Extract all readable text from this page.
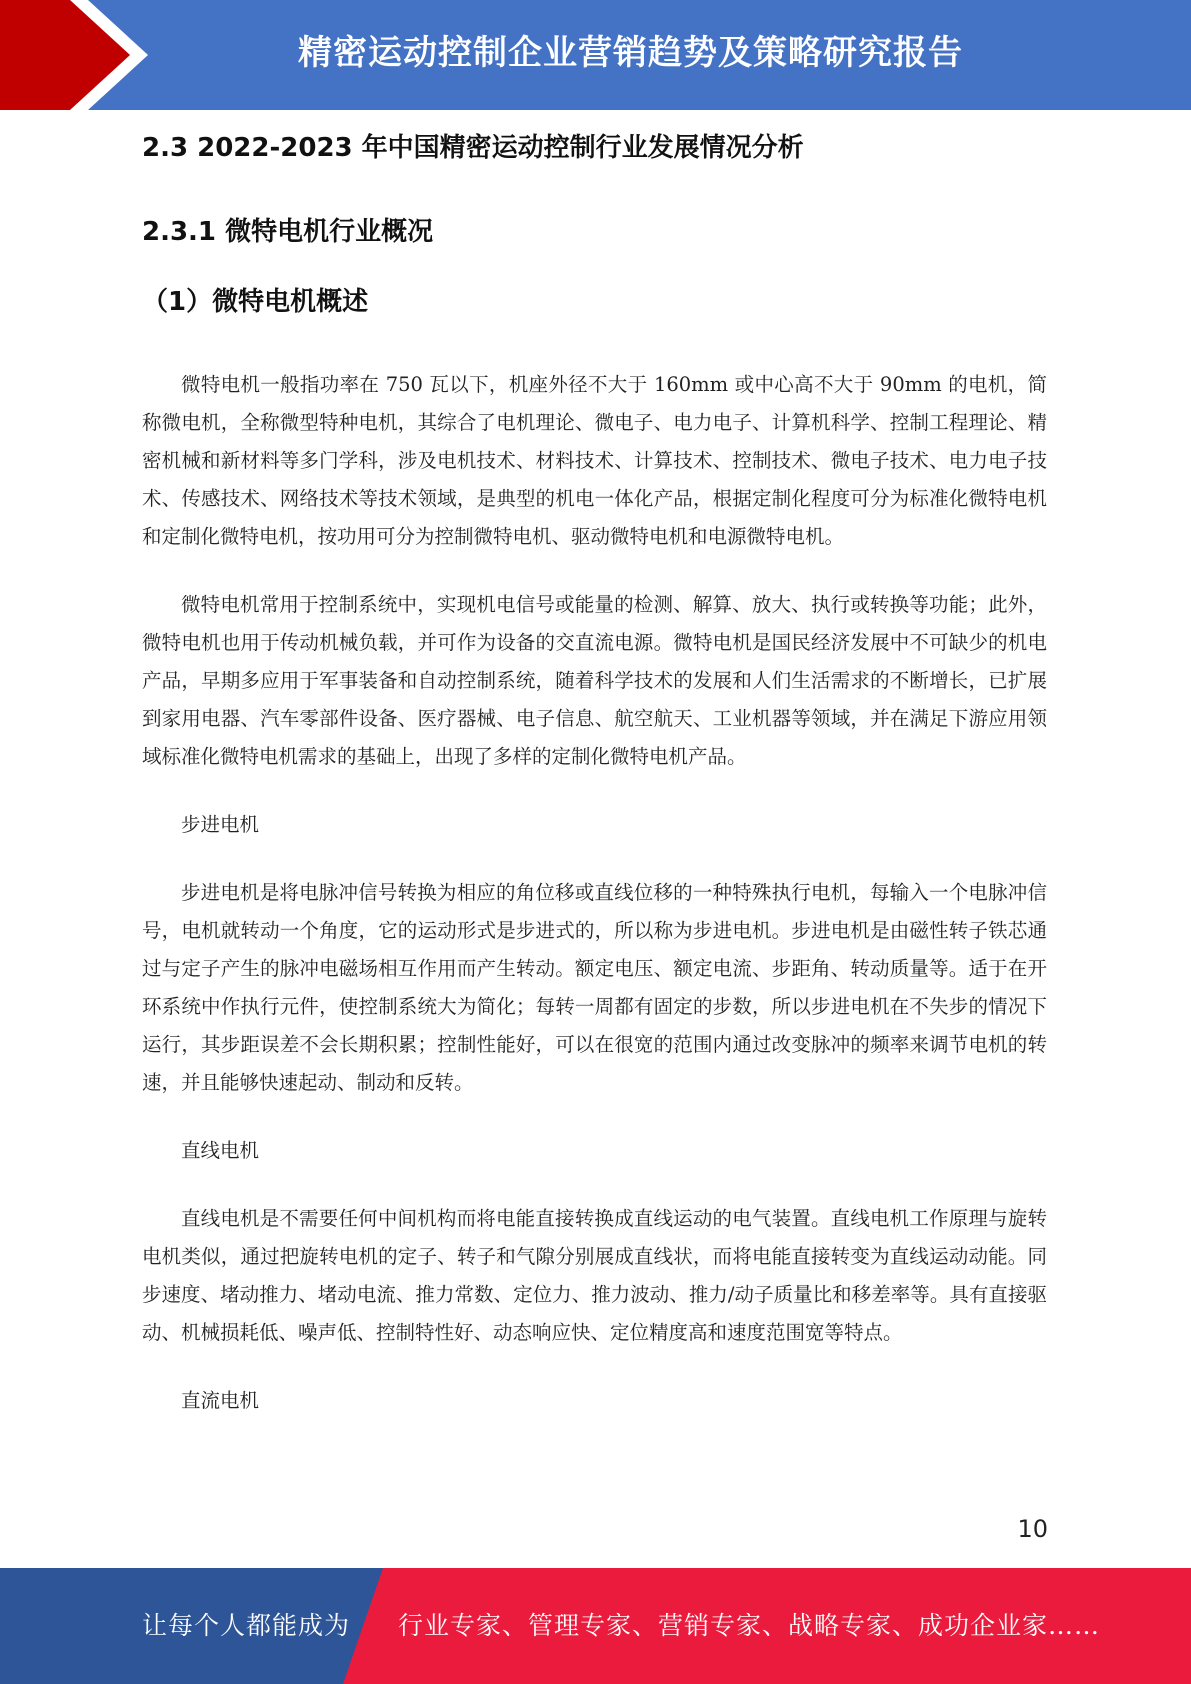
精密运动控制企业营销趋势及策略研究报告
2.3 2022-2023 年中国精密运动控制行业发展情况分析
2.3.1 微特电机行业概况
（1）微特电机概述

微特电机一般指功率在 750 瓦以下，机座外径不大于 160mm 或中心高不大于 90mm 的电机，简称微电机，全称微型特种电机，其综合了电机理论、微电子、电力电子、计算机科学、控制工程理论、精密机械和新材料等多门学科，涉及电机技术、材料技术、计算技术、控制技术、微电子技术、电力电子技术、传感技术、网络技术等技术领域，是典型的机电一体化产品，根据定制化程度可分为标准化微特电机和定制化微特电机，按功用可分为控制微特电机、驱动微特电机和电源微特电机。

微特电机常用于控制系统中，实现机电信号或能量的检测、解算、放大、执行或转换等功能；此外，微特电机也用于传动机械负载，并可作为设备的交直流电源。微特电机是国民经济发展中不可缺少的机电产品，早期多应用于军事装备和自动控制系统，随着科学技术的发展和人们生活需求的不断增长，已扩展到家用电器、汽车零部件设备、医疗器械、电子信息、航空航天、工业机器等领域，并在满足下游应用领域标准化微特电机需求的基础上，出现了多样的定制化微特电机产品。

步进电机

步进电机是将电脉冲信号转换为相应的角位移或直线位移的一种特殊执行电机，每输入一个电脉冲信号，电机就转动一个角度，它的运动形式是步进式的，所以称为步进电机。步进电机是由磁性转子铁芯通过与定子产生的脉冲电磁场相互作用而产生转动。额定电压、额定电流、步距角、转动质量等。适于在开环系统中作执行元件，使控制系统大为简化；每转一周都有固定的步数，所以步进电机在不失步的情况下运行，其步距误差不会长期积累；控制性能好，可以在很宽的范围内通过改变脉冲的频率来调节电机的转速，并且能够快速起动、制动和反转。

直线电机

直线电机是不需要任何中间机构而将电能直接转换成直线运动的电气装置。直线电机工作原理与旋转电机类似，通过把旋转电机的定子、转子和气隙分别展成直线状，而将电能直接转变为直线运动动能。同步速度、堵动推力、堵动电流、推力常数、定位力、推力波动、推力/动子质量比和移差率等。具有直接驱动、机械损耗低、噪声低、控制特性好、动态响应快、定位精度高和速度范围宽等特点。

直流电机

10
让每个人都能成为 行业专家、管理专家、营销专家、战略专家、成功企业家……
